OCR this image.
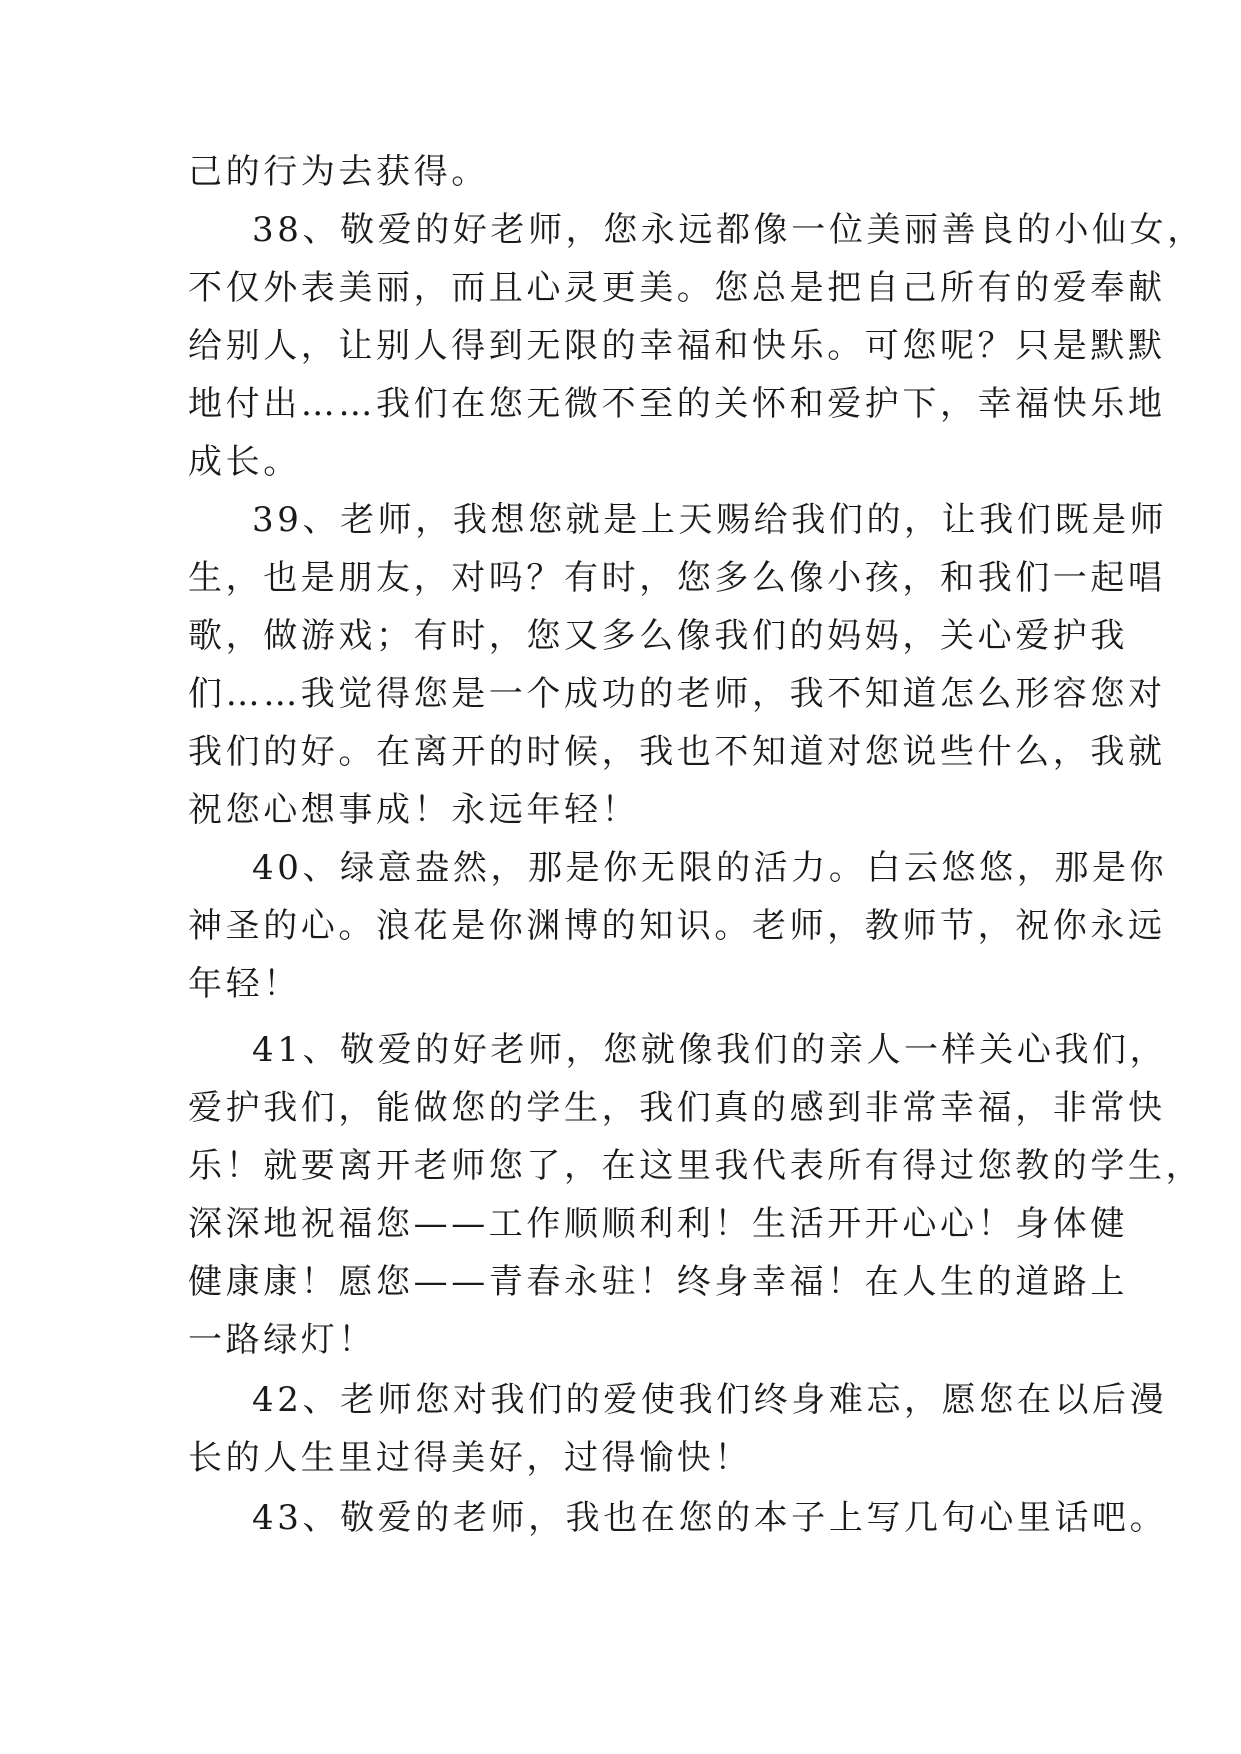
己的行为去获得。
38、敬爱的好老师，您永远都像一位美丽善良的小仙女，
不仅外表美丽，而且心灵更美。您总是把自己所有的爱奉献
给别人，让别人得到无限的幸福和快乐。可您呢？只是默默
地付出……我们在您无微不至的关怀和爱护下，幸福快乐地
成长。
39、老师，我想您就是上天赐给我们的，让我们既是师
生，也是朋友，对吗？有时，您多么像小孩，和我们一起唱
歌，做游戏；有时，您又多么像我们的妈妈，关心爱护我
们……我觉得您是一个成功的老师，我不知道怎么形容您对
我们的好。在离开的时候，我也不知道对您说些什么，我就
祝您心想事成！永远年轻！
40、绿意盎然，那是你无限的活力。白云悠悠，那是你
神圣的心。浪花是你渊博的知识。老师，教师节，祝你永远
年轻！
41、敬爱的好老师，您就像我们的亲人一样关心我们，
爱护我们，能做您的学生，我们真的感到非常幸福，非常快
乐！就要离开老师您了，在这里我代表所有得过您教的学生，
深深地祝福您——工作顺顺利利！生活开开心心！身体健
健康康！愿您——青春永驻！终身幸福！在人生的道路上
一路绿灯！
42、老师您对我们的爱使我们终身难忘，愿您在以后漫
长的人生里过得美好，过得愉快！
43、敬爱的老师，我也在您的本子上写几句心里话吧。
